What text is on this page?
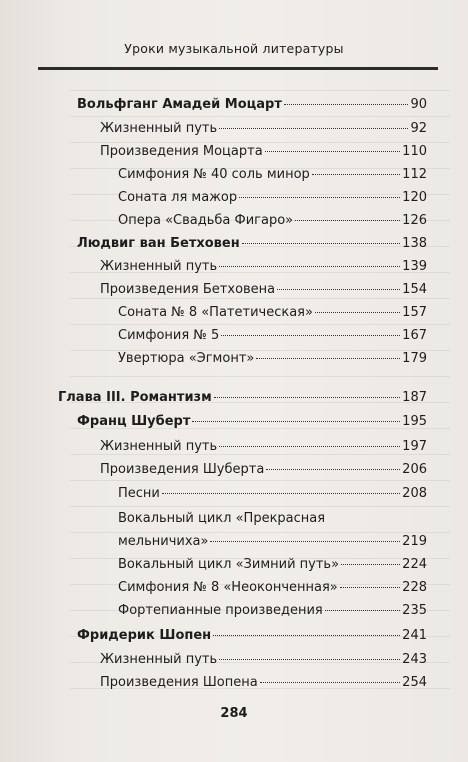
Уроки музыкальной литературы
Вольфганг Амадей Моцарт	90
Жизненный путь	92
Произведения Моцарта	110
Симфония № 40 соль минор	112
Соната ля мажор	120
Опера «Свадьба Фигаро»	126
Людвиг ван Бетховен	138
Жизненный путь	139
Произведения Бетховена	154
Соната № 8 «Патетическая»	157
Симфония № 5	167
Увертюра «Эгмонт»	179
Глава III. Романтизм	187
Франц Шуберт	195
Жизненный путь	197
Произведения Шуберта	206
Песни	208
Вокальный цикл «Прекрасная
мельничиха»	219
Вокальный цикл «Зимний путь»	224
Симфония № 8 «Неоконченная»	228
Фортепианные произведения	235
Фридерик Шопен	241
Жизненный путь	243
Произведения Шопена	254
284
